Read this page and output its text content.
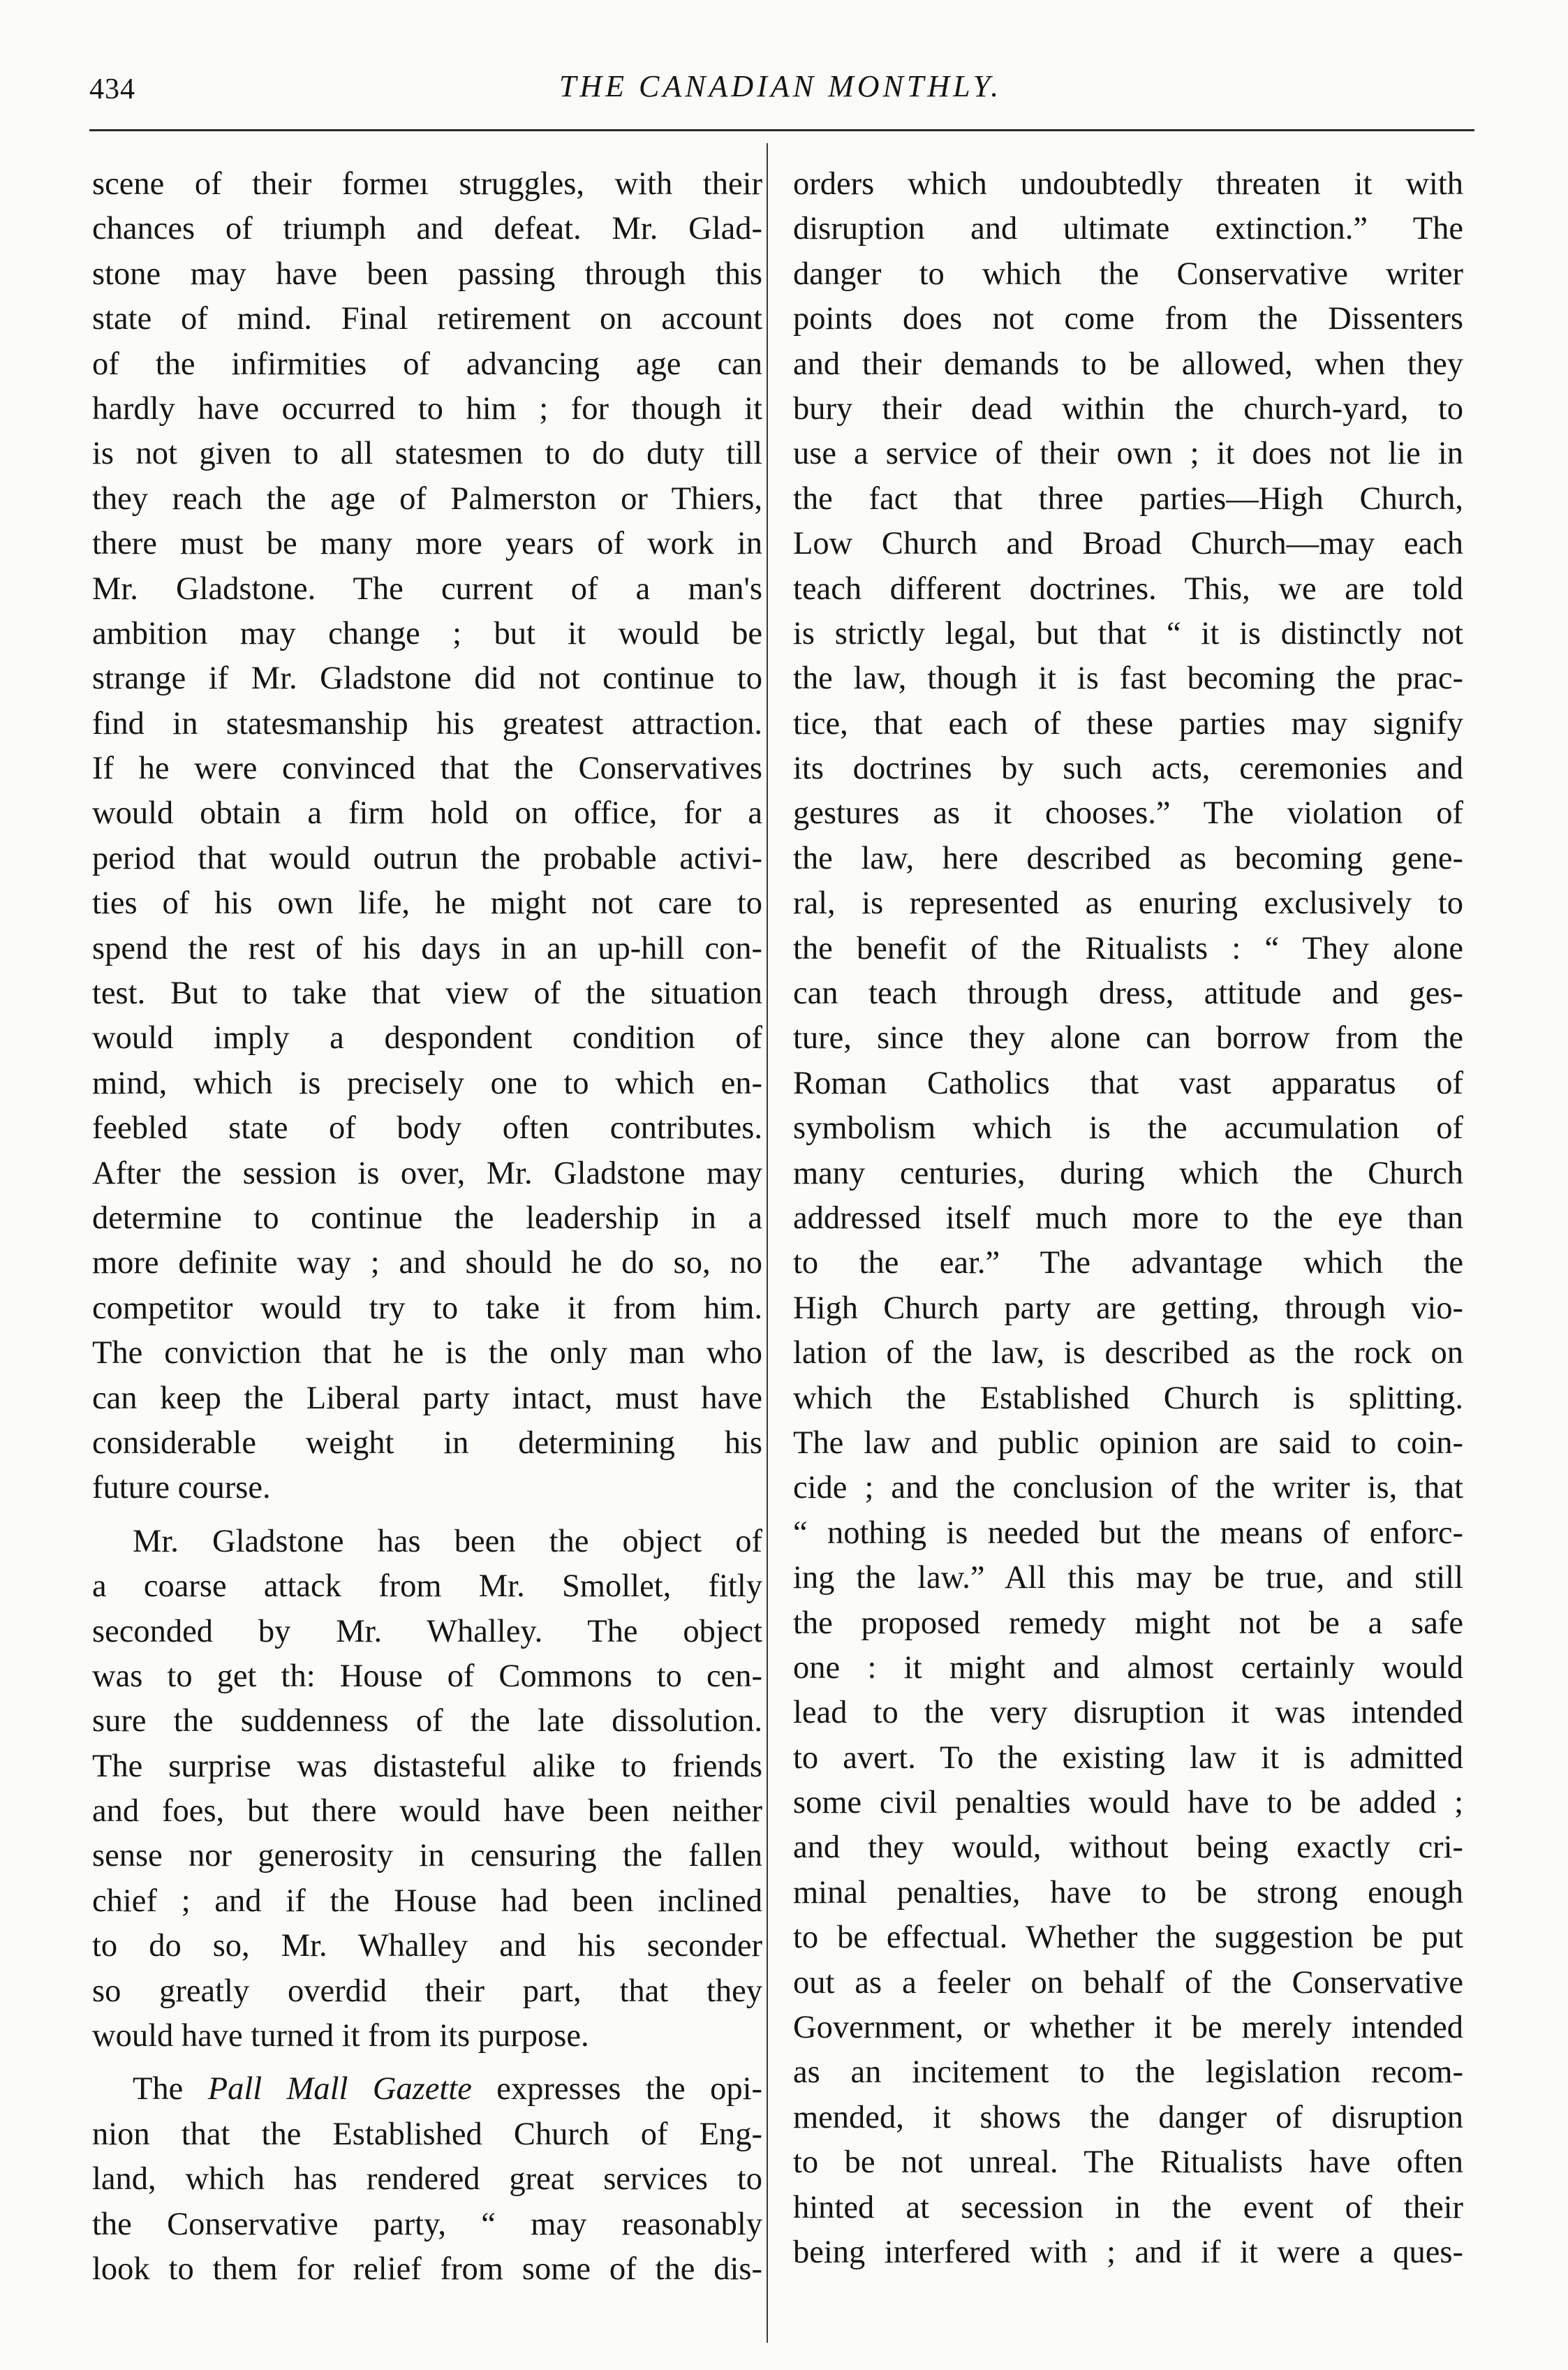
434	THE CANADIAN MONTHLY.

scene of their formeı struggles, with their
chances of triumph and defeat. Mr. Glad-
stone may have been passing through this
state of mind. Final retirement on account
of the infirmities of advancing age can
hardly have occurred to him ; for though it
is not given to all statesmen to do duty till
they reach the age of Palmerston or Thiers,
there must be many more years of work in
Mr. Gladstone. The current of a man's
ambition may change ; but it would be
strange if Mr. Gladstone did not continue to
find in statesmanship his greatest attraction.
If he were convinced that the Conservatives
would obtain a firm hold on office, for a
period that would outrun the probable activi-
ties of his own life, he might not care to
spend the rest of his days in an up-hill con-
test. But to take that view of the situation
would imply a despondent condition of
mind, which is precisely one to which en-
feebled state of body often contributes.
After the session is over, Mr. Gladstone may
determine to continue the leadership in a
more definite way ; and should he do so, no
competitor would try to take it from him.
The conviction that he is the only man who
can keep the Liberal party intact, must have
considerable weight in determining his
future course.

Mr. Gladstone has been the object of
a coarse attack from Mr. Smollet, fitly
seconded by Mr. Whalley. The object
was to get th: House of Commons to cen-
sure the suddenness of the late dissolution.
The surprise was distasteful alike to friends
and foes, but there would have been neither
sense nor generosity in censuring the fallen
chief ; and if the House had been inclined
to do so, Mr. Whalley and his seconder
so greatly overdid their part, that they
would have turned it from its purpose.

The Pall Mall Gazette expresses the opi-
nion that the Established Church of Eng-
land, which has rendered great services to
the Conservative party, “ may reasonably
look to them for relief from some of the dis-

orders which undoubtedly threaten it with
disruption and ultimate extinction.” The
danger to which the Conservative writer
points does not come from the Dissenters
and their demands to be allowed, when they
bury their dead within the church-yard, to
use a service of their own ; it does not lie in
the fact that three parties—High Church,
Low Church and Broad Church—may each
teach different doctrines. This, we are told
is strictly legal, but that “ it is distinctly not
the law, though it is fast becoming the prac-
tice, that each of these parties may signify
its doctrines by such acts, ceremonies and
gestures as it chooses.” The violation of
the law, here described as becoming gene-
ral, is represented as enuring exclusively to
the benefit of the Ritualists : “ They alone
can teach through dress, attitude and ges-
ture, since they alone can borrow from the
Roman Catholics that vast apparatus of
symbolism which is the accumulation of
many centuries, during which the Church
addressed itself much more to the eye than
to the ear.” The advantage which the
High Church party are getting, through vio-
lation of the law, is described as the rock on
which the Established Church is splitting.
The law and public opinion are said to coin-
cide ; and the conclusion of the writer is, that
“ nothing is needed but the means of enforc-
ing the law.” All this may be true, and still
the proposed remedy might not be a safe
one : it might and almost certainly would
lead to the very disruption it was intended
to avert. To the existing law it is admitted
some civil penalties would have to be added ;
and they would, without being exactly cri-
minal penalties, have to be strong enough
to be effectual. Whether the suggestion be put
out as a feeler on behalf of the Conservative
Government, or whether it be merely intended
as an incitement to the legislation recom-
mended, it shows the danger of disruption
to be not unreal. The Ritualists have often
hinted at secession in the event of their
being interfered with ; and if it were a ques-
